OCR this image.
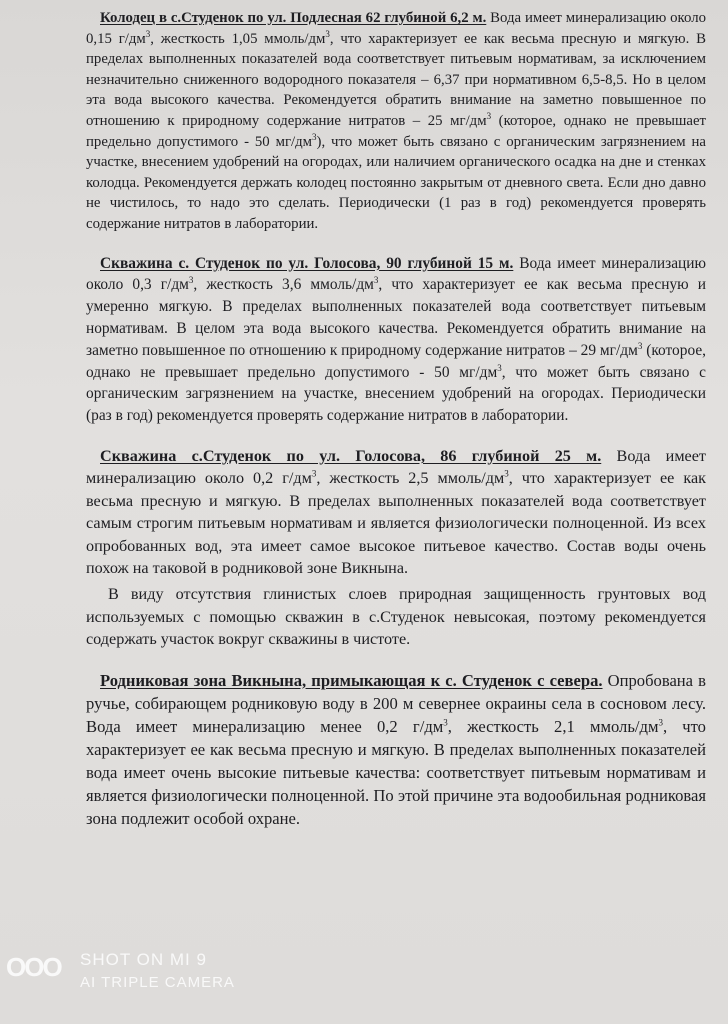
Колодец в с.Студенок по ул. Подлесная 62 глубиной 6,2 м. Вода имеет минерализацию около 0,15 $г/дм^3$, жесткость 1,05 ммоль/$дм^3$, что характеризует ее как весьма пресную и мягкую. В пределах выполненных показателей вода соответствует питьевым нормативам, за исключением незначительно сниженного водородного показателя – 6,37 при нормативном 6,5-8,5. Но в целом эта вода высокого качества. Рекомендуется обратить внимание на заметно повышенное по отношению к природному содержание нитратов – 25 $мг/дм^3$ (которое, однако не превышает предельно допустимого - 50 $мг/дм^3$), что может быть связано с органическим загрязнением на участке, внесением удобрений на огородах, или наличием органического осадка на дне и стенках колодца. Рекомендуется держать колодец постоянно закрытым от дневного света. Если дно давно не чистилось, то надо это сделать. Периодически (1 раз в год) рекомендуется проверять содержание нитратов в лаборатории.

Скважина с. Студенок по ул. Голосова, 90 глубиной 15 м. Вода имеет минерализацию около 0,3 $г/дм^3$, жесткость 3,6 ммоль/$дм^3$, что характеризует ее как весьма пресную и умеренно мягкую. В пределах выполненных показателей вода соответствует питьевым нормативам. В целом эта вода высокого качества. Рекомендуется обратить внимание на заметно повышенное по отношению к природному содержание нитратов – 29 $мг/дм^3$ (которое, однако не превышает предельно допустимого - 50 $мг/дм^3$, что может быть связано с органическим загрязнением на участке, внесением удобрений на огородах. Периодически (раз в год) рекомендуется проверять содержание нитратов в лаборатории.

Скважина с.Студенок по ул. Голосова, 86 глубиной 25 м. Вода имеет минерализацию около 0,2 $г/дм^3$, жесткость 2,5 ммоль/$дм^3$, что характеризует ее как весьма пресную и мягкую. В пределах выполненных показателей вода соответствует самым строгим питьевым нормативам и является физиологически полноценной. Из всех опробованных вод, эта имеет самое высокое питьевое качество. Состав воды очень похож на таковой в родниковой зоне Викнына.

В виду отсутствия глинистых слоев природная защищенность грунтовых вод используемых с помощью скважин в с.Студенок невысокая, поэтому рекомендуется содержать участок вокруг скважины в чистоте.

Родниковая зона Викнына, примыкающая к с. Студенок с севера. Опробована в ручье, собирающем родниковую воду в 200 м севернее окраины села в сосновом лесу. Вода имеет минерализацию менее 0,2 $г/дм^3$, жесткость 2,1 ммоль/$дм^3$, что характеризует ее как весьма пресную и мягкую. В пределах выполненных показателей вода имеет очень высокие питьевые качества: соответствует питьевым нормативам и является физиологически полноценной. По этой причине эта водообильная родниковая зона подлежит особой охране.

OOO SHOT ON MI 9
AI TRIPLE CAMERA
